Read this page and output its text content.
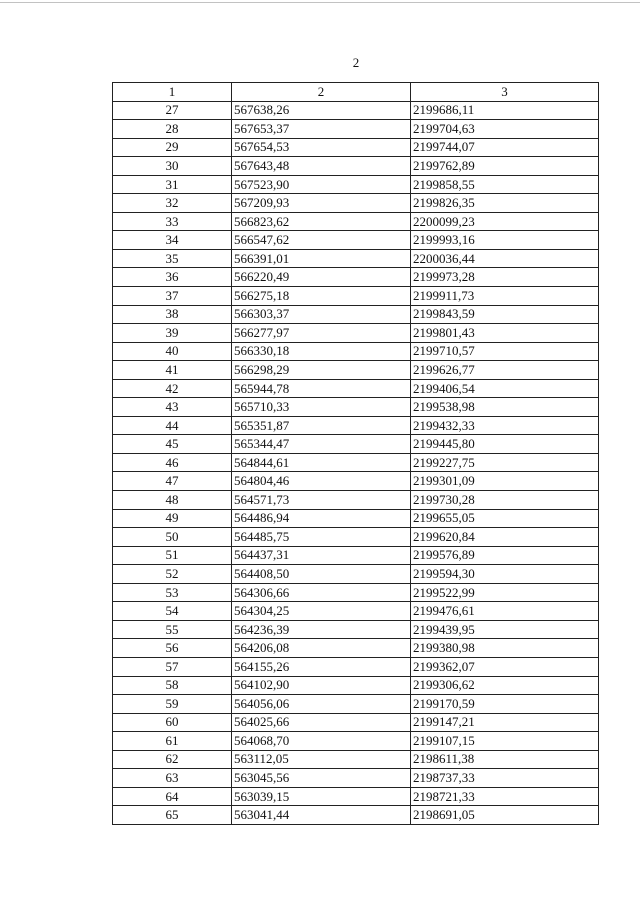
2
1	2	3
27	567638,26	2199686,11
28	567653,37	2199704,63
29	567654,53	2199744,07
30	567643,48	2199762,89
31	567523,90	2199858,55
32	567209,93	2199826,35
33	566823,62	2200099,23
34	566547,62	2199993,16
35	566391,01	2200036,44
36	566220,49	2199973,28
37	566275,18	2199911,73
38	566303,37	2199843,59
39	566277,97	2199801,43
40	566330,18	2199710,57
41	566298,29	2199626,77
42	565944,78	2199406,54
43	565710,33	2199538,98
44	565351,87	2199432,33
45	565344,47	2199445,80
46	564844,61	2199227,75
47	564804,46	2199301,09
48	564571,73	2199730,28
49	564486,94	2199655,05
50	564485,75	2199620,84
51	564437,31	2199576,89
52	564408,50	2199594,30
53	564306,66	2199522,99
54	564304,25	2199476,61
55	564236,39	2199439,95
56	564206,08	2199380,98
57	564155,26	2199362,07
58	564102,90	2199306,62
59	564056,06	2199170,59
60	564025,66	2199147,21
61	564068,70	2199107,15
62	563112,05	2198611,38
63	563045,56	2198737,33
64	563039,15	2198721,33
65	563041,44	2198691,05
